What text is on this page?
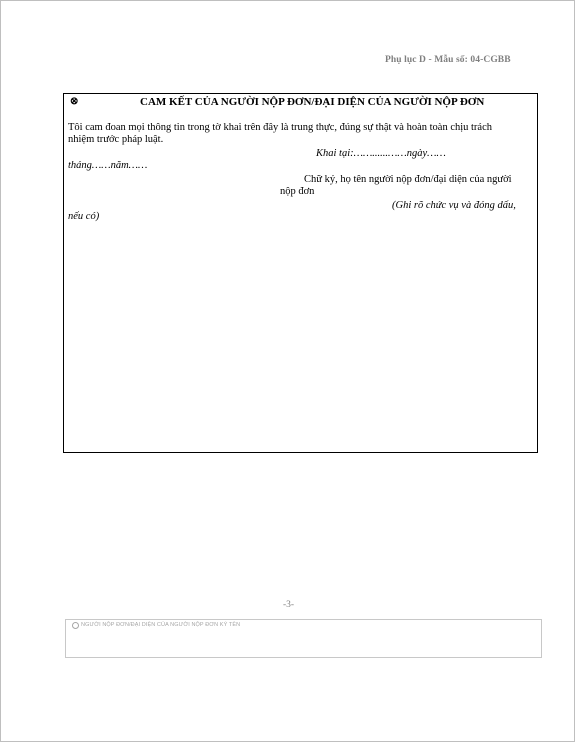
Phụ lục D - Mẫu số: 04-CGBB
⊗	CAM KẾT CỦA NGƯỜI NỘP ĐƠN/ĐẠI DIỆN CỦA NGƯỜI NỘP ĐƠN
Tôi cam đoan mọi thông tin trong tờ khai trên đây là trung thực, đúng sự thật và hoàn toàn chịu trách
nhiệm trước pháp luật.
Khai tại:……......……ngày……
tháng……năm……
Chữ ký, họ tên người nộp đơn/đại diện của người
nộp đơn
(Ghi rõ chức vụ và đóng dấu,
nếu có)
-3-
NGƯỜI NỘP ĐƠN/ĐẠI DIỆN CỦA NGƯỜI NỘP ĐƠN KÝ TÊN
